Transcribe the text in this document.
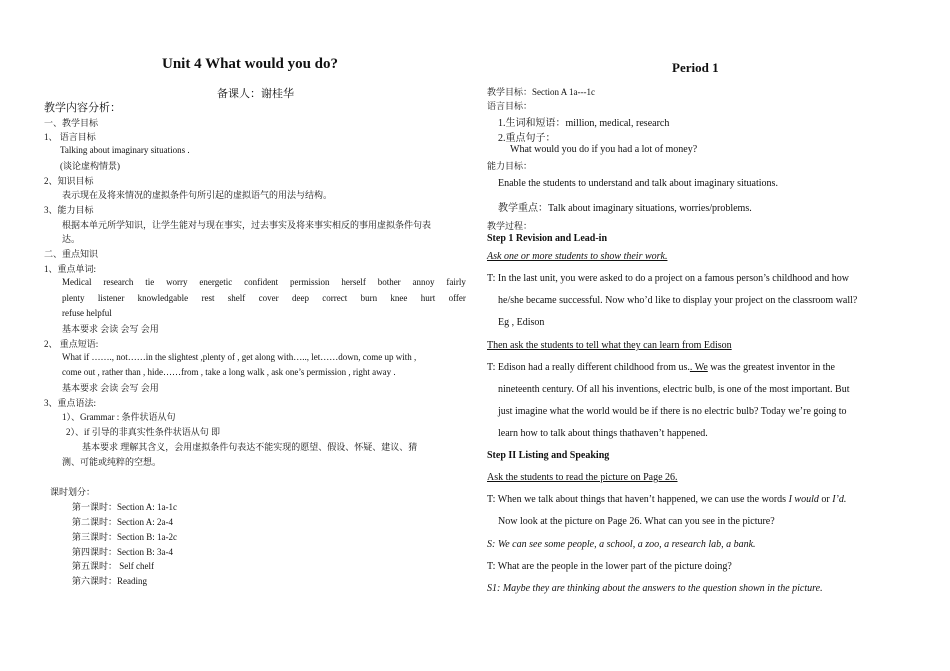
Unit 4 What would you do?
备课人：谢桂华
教学内容分析：
一、教学目标
1、 语言目标
Talking about imaginary situations .
(谈论虚构情景)
2、知识目标
表示现在及将来情况的虚拟条件句所引起的虚拟语气的用法与结构。
3、能力目标
根据本单元所学知识，让学生能对与现在事实，过去事实及将来事实相反的事用虚拟条件句表
达。
二、重点知识
1、重点单词:
Medical research tie worry energetic confident permission herself bother annoy fairly
plenty listener knowledgable rest shelf cover deep correct burn knee hurt offer
refuse helpful
基本要求 会读 会写 会用
2、 重点短语:
What if ……., not……in the slightest ,plenty of , get along with….., let……down, come up with ,
come out , rather than , hide……from , take a long walk , ask one’s permission , right away .
基本要求 会读 会写 会用
3、重点语法:
1）、Grammar : 条件状语从句
2）、if 引导的非真实性条件状语从句 即
基本要求 理解其含义，会用虚拟条件句表达不能实现的愿望、假设、怀疑、建议、猜
测、可能或纯粹的空想。
课时划分：
第一课时：Section A: 1a-1c
第二课时：Section A: 2a-4
第三课时：Section B: 1a-2c
第四课时：Section B: 3a-4
第五课时： Self chelf
第六课时：Reading
Period 1
教学目标：Section A 1a---1c
语言目标：
1.生词和短语：million, medical, research
2.重点句子：
What would you do if you had a lot of money?
能力目标：
Enable the students to understand and talk about imaginary situations.
教学重点：Talk about imaginary situations, worries/problems.
教学过程：
Step 1 Revision and Lead-in
Ask one or more students to show their work.
T: In the last unit, you were asked to do a project on a famous person’s childhood and how
he/she became successful. Now who’d like to display your project on the classroom wall?
Eg , Edison
Then ask the students to tell what they can learn from Edison
T: Edison had a really different childhood from us.. We was the greatest inventor in the
nineteenth century. Of all his inventions, electric bulb, is one of the most important. But
just imagine what the world would be if there is no electric bulb? Today we’re going to
learn how to talk about things thathaven’t happened.
Step II Listing and Speaking
Ask the students to read the picture on Page 26.
T: When we talk about things that haven’t happened, we can use the words I would or I’d.
Now look at the picture on Page 26. What can you see in the picture?
S: We can see some people, a school, a zoo, a research lab, a bank.
T: What are the people in the lower part of the picture doing?
S1: Maybe they are thinking about the answers to the question shown in the picture.
